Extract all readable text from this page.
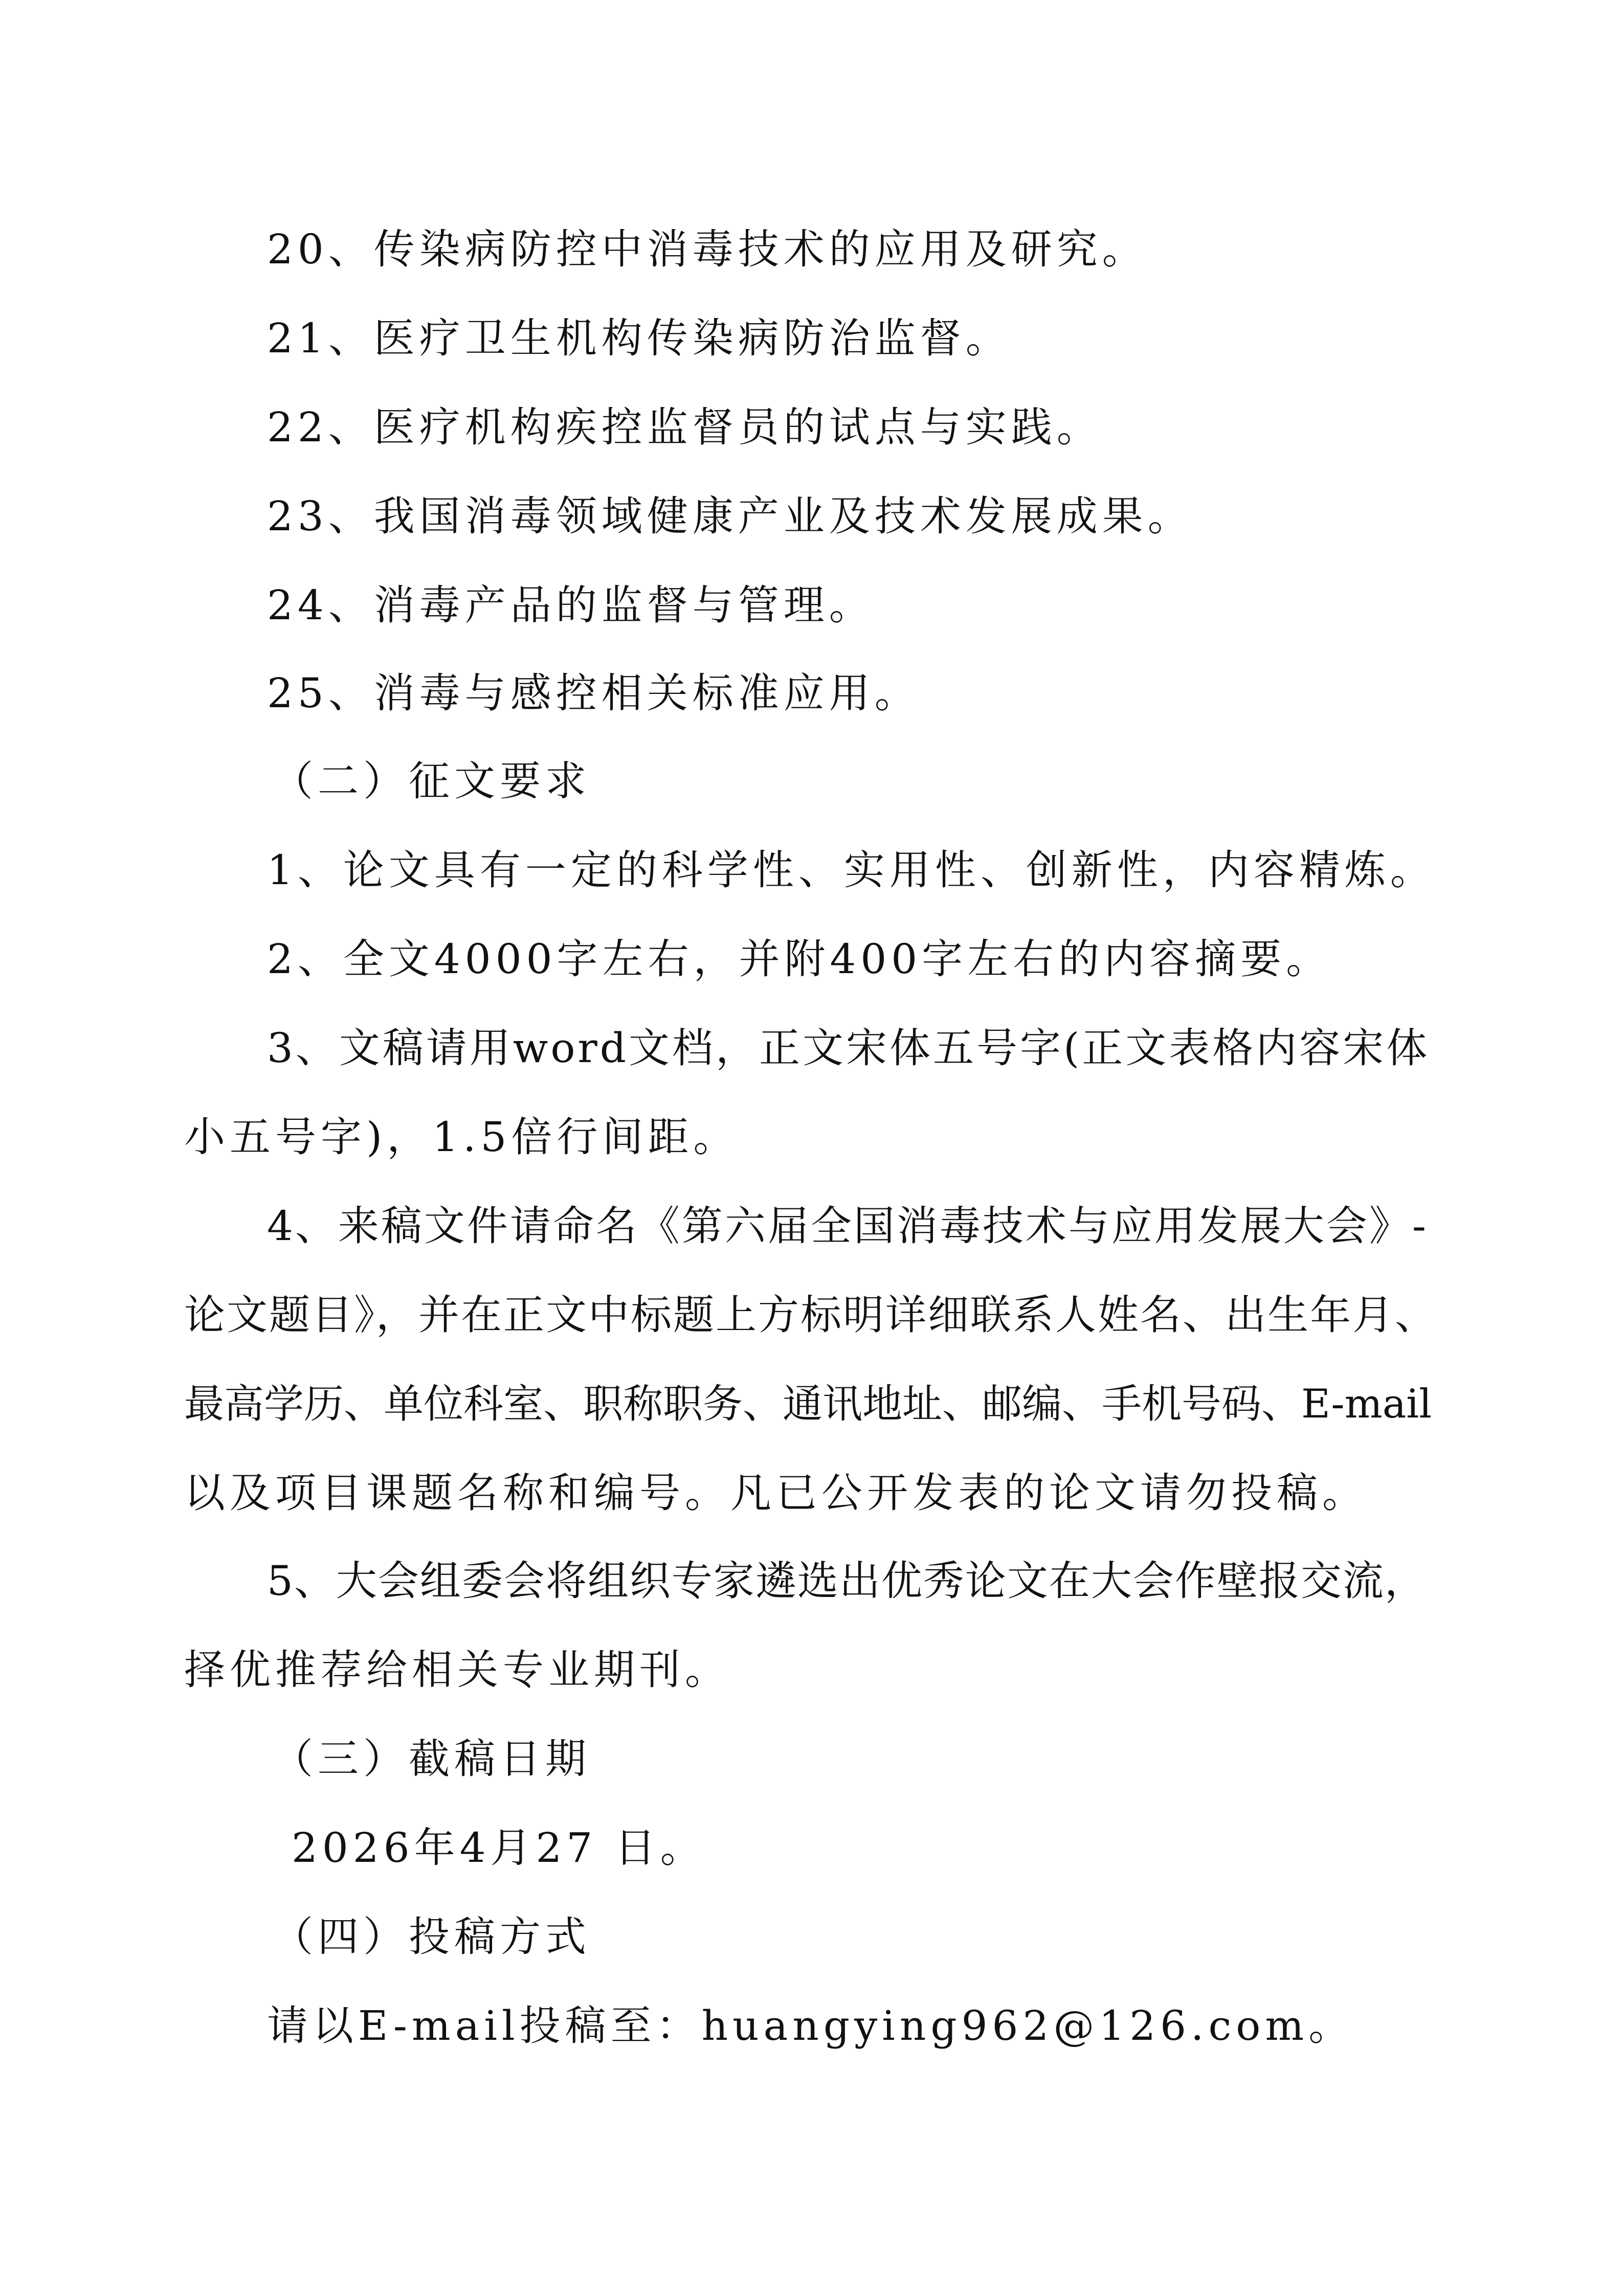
20、传染病防控中消毒技术的应用及研究。
21、医疗卫生机构传染病防治监督。
22、医疗机构疾控监督员的试点与实践。
23、我国消毒领域健康产业及技术发展成果。
24、消毒产品的监督与管理。
25、消毒与感控相关标准应用。
（二）征文要求
1、论文具有一定的科学性、实用性、创新性，内容精炼。
2、全文4000字左右，并附400字左右的内容摘要。
3、文稿请用word文档，正文宋体五号字(正文表格内容宋体
小五号字)，1.5倍行间距。
4、来稿文件请命名《第六届全国消毒技术与应用发展大会》-
论文题目》，并在正文中标题上方标明详细联系人姓名、出生年月、
最高学历、单位科室、职称职务、通讯地址、邮编、手机号码、E-mail
以及项目课题名称和编号。凡已公开发表的论文请勿投稿。
5、大会组委会将组织专家遴选出优秀论文在大会作壁报交流，
择优推荐给相关专业期刊。
（三）截稿日期
2026年4月27 日。
（四）投稿方式
请以E-mail投稿至：huangying962@126.com。
